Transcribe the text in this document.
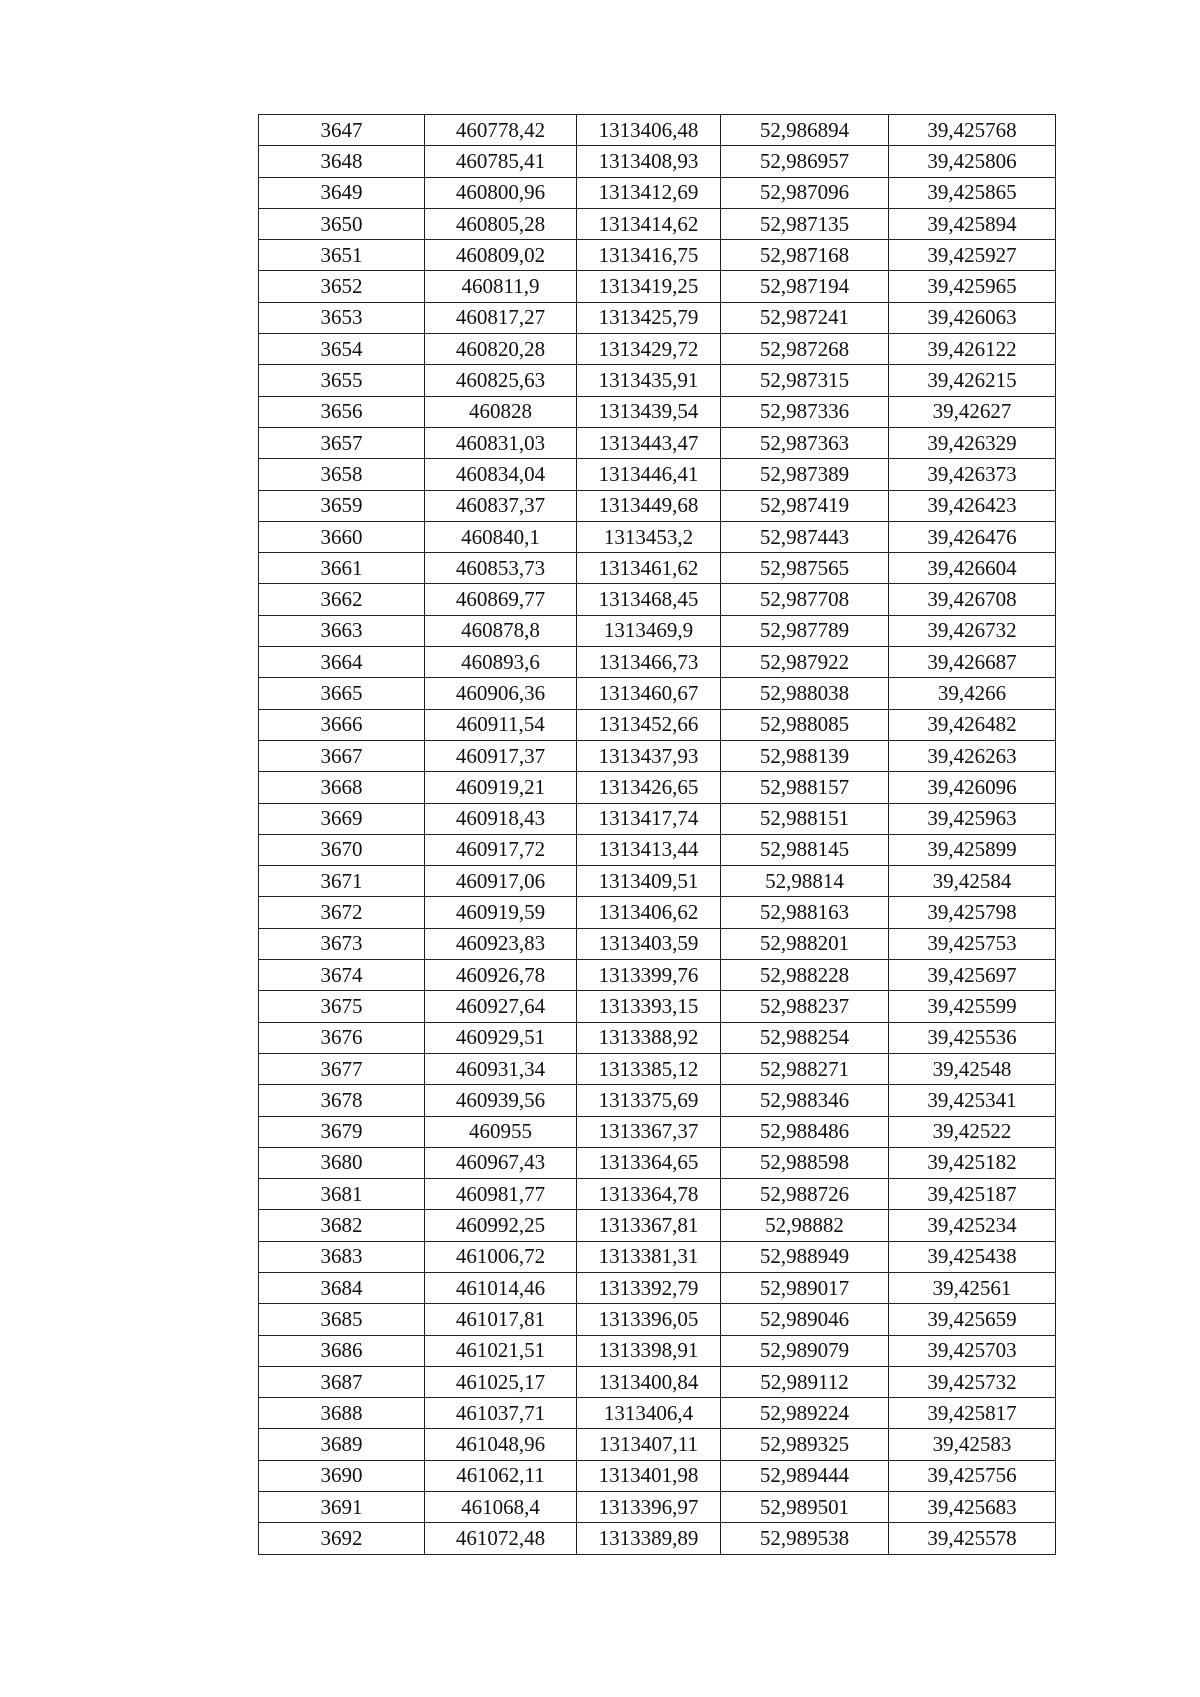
3647	460778,42	1313406,48	52,986894	39,425768
3648	460785,41	1313408,93	52,986957	39,425806
3649	460800,96	1313412,69	52,987096	39,425865
3650	460805,28	1313414,62	52,987135	39,425894
3651	460809,02	1313416,75	52,987168	39,425927
3652	460811,9	1313419,25	52,987194	39,425965
3653	460817,27	1313425,79	52,987241	39,426063
3654	460820,28	1313429,72	52,987268	39,426122
3655	460825,63	1313435,91	52,987315	39,426215
3656	460828	1313439,54	52,987336	39,42627
3657	460831,03	1313443,47	52,987363	39,426329
3658	460834,04	1313446,41	52,987389	39,426373
3659	460837,37	1313449,68	52,987419	39,426423
3660	460840,1	1313453,2	52,987443	39,426476
3661	460853,73	1313461,62	52,987565	39,426604
3662	460869,77	1313468,45	52,987708	39,426708
3663	460878,8	1313469,9	52,987789	39,426732
3664	460893,6	1313466,73	52,987922	39,426687
3665	460906,36	1313460,67	52,988038	39,4266
3666	460911,54	1313452,66	52,988085	39,426482
3667	460917,37	1313437,93	52,988139	39,426263
3668	460919,21	1313426,65	52,988157	39,426096
3669	460918,43	1313417,74	52,988151	39,425963
3670	460917,72	1313413,44	52,988145	39,425899
3671	460917,06	1313409,51	52,98814	39,42584
3672	460919,59	1313406,62	52,988163	39,425798
3673	460923,83	1313403,59	52,988201	39,425753
3674	460926,78	1313399,76	52,988228	39,425697
3675	460927,64	1313393,15	52,988237	39,425599
3676	460929,51	1313388,92	52,988254	39,425536
3677	460931,34	1313385,12	52,988271	39,42548
3678	460939,56	1313375,69	52,988346	39,425341
3679	460955	1313367,37	52,988486	39,42522
3680	460967,43	1313364,65	52,988598	39,425182
3681	460981,77	1313364,78	52,988726	39,425187
3682	460992,25	1313367,81	52,98882	39,425234
3683	461006,72	1313381,31	52,988949	39,425438
3684	461014,46	1313392,79	52,989017	39,42561
3685	461017,81	1313396,05	52,989046	39,425659
3686	461021,51	1313398,91	52,989079	39,425703
3687	461025,17	1313400,84	52,989112	39,425732
3688	461037,71	1313406,4	52,989224	39,425817
3689	461048,96	1313407,11	52,989325	39,42583
3690	461062,11	1313401,98	52,989444	39,425756
3691	461068,4	1313396,97	52,989501	39,425683
3692	461072,48	1313389,89	52,989538	39,425578
